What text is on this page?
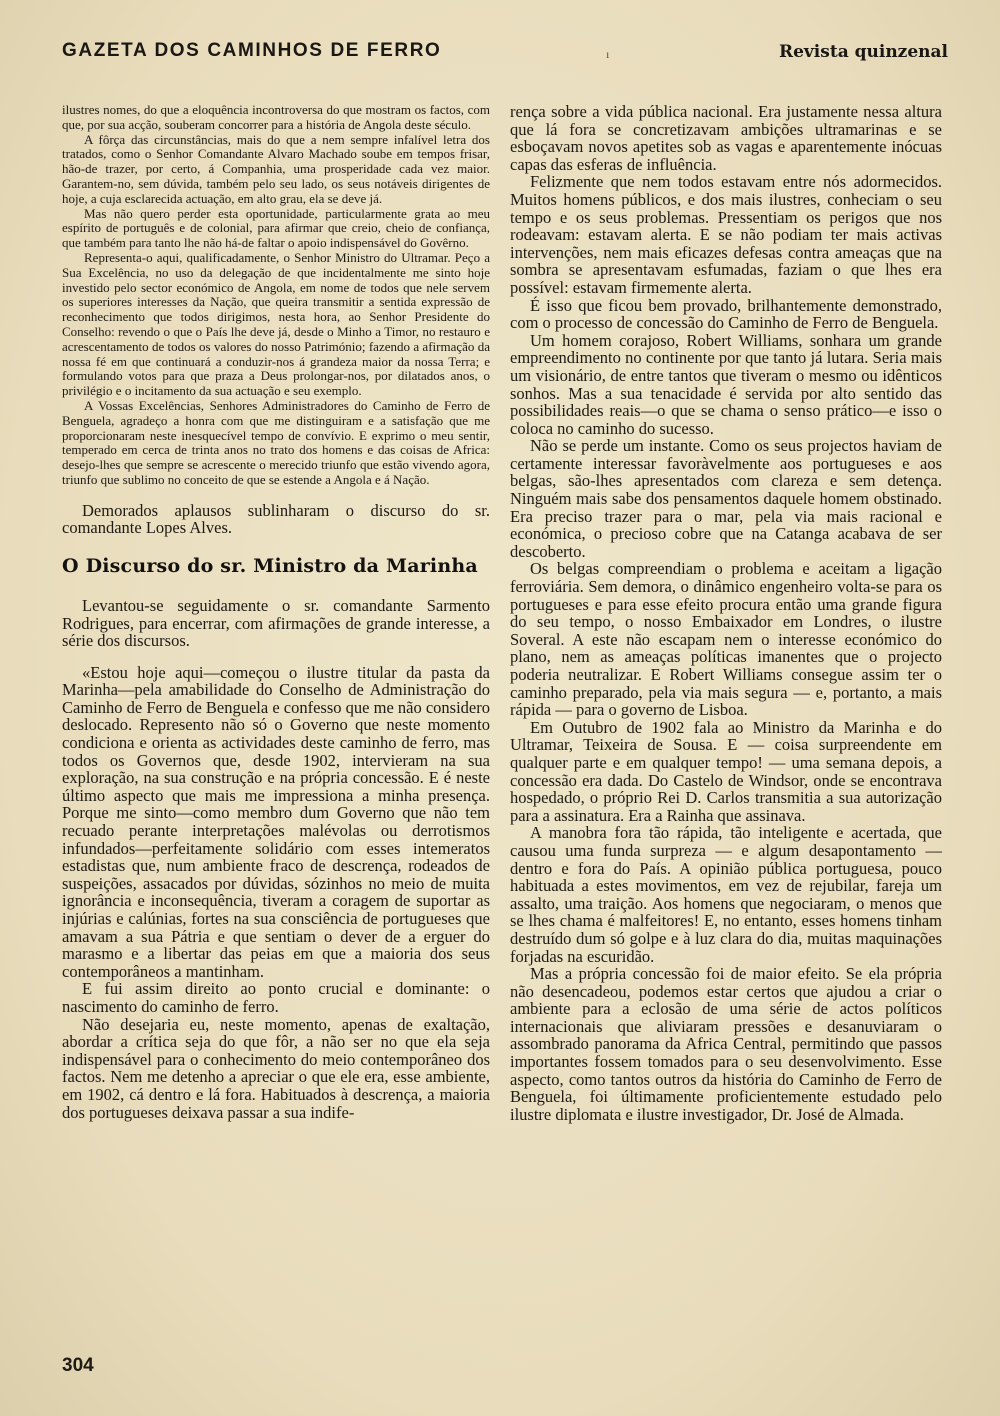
GAZETA DOS CAMINHOS DE FERRO	ı	Revista quinzenal

ilustres nomes, do que a eloquência incontroversa do que mostram os factos, com que, por sua acção, souberam concorrer para a história de Angola deste século.

A fôrça das circunstâncias, mais do que a nem sempre infalível letra dos tratados, como o Senhor Comandante Alvaro Machado soube em tempos frisar, hão-de trazer, por certo, á Companhia, uma prosperidade cada vez maior. Garantem-no, sem dúvida, também pelo seu lado, os seus notáveis dirigentes de hoje, a cuja esclarecida actuação, em alto grau, ela se deve já.

Mas não quero perder esta oportunidade, particularmente grata ao meu espírito de português e de colonial, para afirmar que creio, cheio de confiança, que também para tanto lhe não há-de faltar o apoio indispensável do Govêrno.

Representa-o aqui, qualificadamente, o Senhor Ministro do Ultramar. Peço a Sua Excelência, no uso da delegação de que incidentalmente me sinto hoje investido pelo sector económico de Angola, em nome de todos que nele servem os superiores interesses da Nação, que queira transmitir a sentida expressão de reconhecimento que todos dirigimos, nesta hora, ao Senhor Presidente do Conselho: revendo o que o País lhe deve já, desde o Minho a Timor, no restauro e acrescentamento de todos os valores do nosso Património; fazendo a afirmação da nossa fé em que continuará a conduzir-nos á grandeza maior da nossa Terra; e formulando votos para que praza a Deus prolongar-nos, por dilatados anos, o privilégio e o incitamento da sua actuação e seu exemplo.

A Vossas Excelências, Senhores Administradores do Caminho de Ferro de Benguela, agradeço a honra com que me distinguiram e a satisfação que me proporcionaram neste inesquecível tempo de convívio. E exprimo o meu sentir, temperado em cerca de trinta anos no trato dos homens e das coisas de Africa: desejo-lhes que sempre se acrescente o merecido triunfo que estão vivendo agora, triunfo que sublimo no conceito de que se estende a Angola e á Nação.

Demorados aplausos sublinharam o discurso do sr. comandante Lopes Alves.

O Discurso do sr. Ministro da Marinha

Levantou-se seguidamente o sr. comandante Sarmento Rodrigues, para encerrar, com afirmações de grande interesse, a série dos discursos.

«Estou hoje aqui—começou o ilustre titular da pasta da Marinha—pela amabilidade do Conselho de Administração do Caminho de Ferro de Benguela e confesso que me não considero deslocado. Represento não só o Governo que neste momento condiciona e orienta as actividades deste caminho de ferro, mas todos os Governos que, desde 1902, intervieram na sua exploração, na sua construção e na própria concessão. E é neste último aspecto que mais me impressiona a minha presença. Porque me sinto—como membro dum Governo que não tem recuado perante interpretações malévolas ou derrotismos infundados—perfeitamente solidário com esses intemeratos estadistas que, num ambiente fraco de descrença, rodeados de suspeições, assacados por dúvidas, sózinhos no meio de muita ignorância e inconsequência, tiveram a coragem de suportar as injúrias e calúnias, fortes na sua consciência de portugueses que amavam a sua Pátria e que sentiam o dever de a erguer do marasmo e a libertar das peias em que a maioria dos seus contemporâneos a mantinham.

E fui assim direito ao ponto crucial e dominante: o nascimento do caminho de ferro.

Não desejaria eu, neste momento, apenas de exaltação, abordar a crítica seja do que fôr, a não ser no que ela seja indispensável para o conhecimento do meio contemporâneo dos factos. Nem me detenho a apreciar o que ele era, esse ambiente, em 1902, cá dentro e lá fora. Habituados à descrença, a maioria dos portugueses deixava passar a sua indife-

rença sobre a vida pública nacional. Era justamente nessa altura que lá fora se concretizavam ambições ultramarinas e se esboçavam novos apetites sob as vagas e aparentemente inócuas capas das esferas de influência.

Felizmente que nem todos estavam entre nós adormecidos. Muitos homens públicos, e dos mais ilustres, conheciam o seu tempo e os seus problemas. Pressentiam os perigos que nos rodeavam: estavam alerta. E se não podiam ter mais activas intervenções, nem mais eficazes defesas contra ameaças que na sombra se apresentavam esfumadas, faziam o que lhes era possível: estavam firmemente alerta.

É isso que ficou bem provado, brilhantemente demonstrado, com o processo de concessão do Caminho de Ferro de Benguela.

Um homem corajoso, Robert Williams, sonhara um grande empreendimento no continente por que tanto já lutara. Seria mais um visionário, de entre tantos que tiveram o mesmo ou idênticos sonhos. Mas a sua tenacidade é servida por alto sentido das possibilidades reais—o que se chama o senso prático—e isso o coloca no caminho do sucesso.

Não se perde um instante. Como os seus projectos haviam de certamente interessar favoràvelmente aos portugueses e aos belgas, são-lhes apresentados com clareza e sem detença. Ninguém mais sabe dos pensamentos daquele homem obstinado. Era preciso trazer para o mar, pela via mais racional e económica, o precioso cobre que na Catanga acabava de ser descoberto.

Os belgas compreendiam o problema e aceitam a ligação ferroviária. Sem demora, o dinâmico engenheiro volta-se para os portugueses e para esse efeito procura então uma grande figura do seu tempo, o nosso Embaixador em Londres, o ilustre Soveral. A este não escapam nem o interesse económico do plano, nem as ameaças políticas imanentes que o projecto poderia neutralizar. E Robert Williams consegue assim ter o caminho preparado, pela via mais segura — e, portanto, a mais rápida — para o governo de Lisboa.

Em Outubro de 1902 fala ao Ministro da Marinha e do Ultramar, Teixeira de Sousa. E — coisa surpreendente em qualquer parte e em qualquer tempo! — uma semana depois, a concessão era dada. Do Castelo de Windsor, onde se encontrava hospedado, o próprio Rei D. Carlos transmitia a sua autorização para a assinatura. Era a Rainha que assinava.

A manobra fora tão rápida, tão inteligente e acertada, que causou uma funda surpreza — e algum desapontamento — dentro e fora do País. A opinião pública portuguesa, pouco habituada a estes movimentos, em vez de rejubilar, fareja um assalto, uma traição. Aos homens que negociaram, o menos que se lhes chama é malfeitores! E, no entanto, esses homens tinham destruído dum só golpe e à luz clara do dia, muitas maquinações forjadas na escuridão.

Mas a própria concessão foi de maior efeito. Se ela própria não desencadeou, podemos estar certos que ajudou a criar o ambiente para a eclosão de uma série de actos políticos internacionais que aliviaram pressões e desanuviaram o assombrado panorama da Africa Central, permitindo que passos importantes fossem tomados para o seu desenvolvimento. Esse aspecto, como tantos outros da história do Caminho de Ferro de Benguela, foi últimamente proficientemente estudado pelo ilustre diplomata e ilustre investigador, Dr. José de Almada.

304
